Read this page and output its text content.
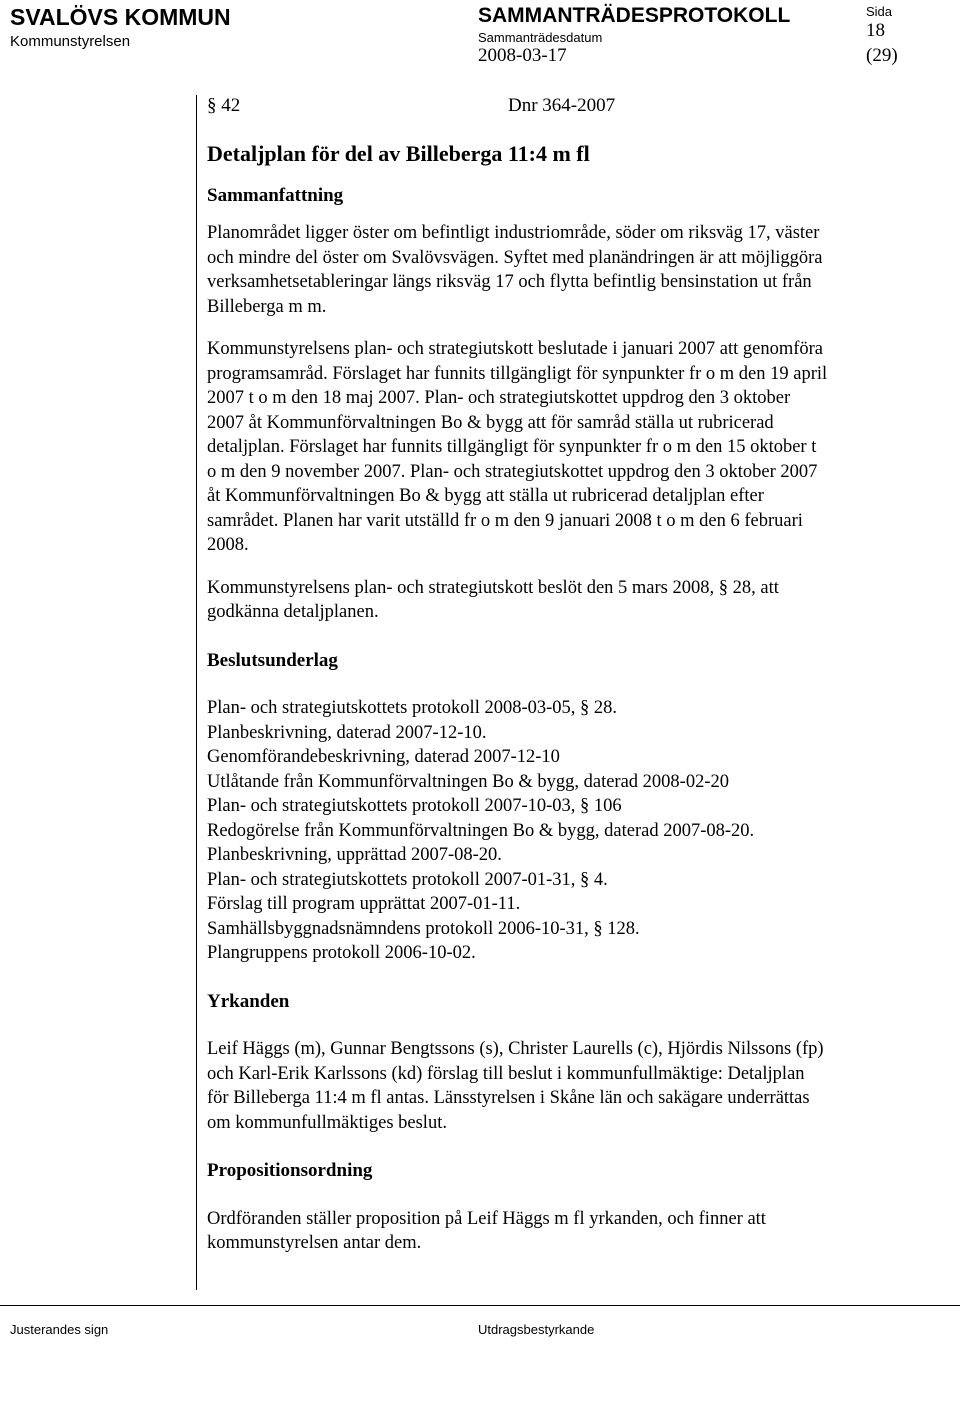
SVALÖVS KOMMUN
Kommunstyrelsen
SAMMANTRÄDESPROTOKOLL
Sammanträdesdatum
2008-03-17
Sida
18
(29)
§ 42	Dnr 364-2007
Detaljplan för del av Billeberga 11:4 m fl
Sammanfattning
Planområdet ligger öster om befintligt industriområde, söder om riksväg 17, väster
och mindre del öster om Svalövsvägen. Syftet med planändringen är att möjliggöra
verksamhetsetableringar längs riksväg 17 och flytta befintlig bensinstation ut från
Billeberga m m.
Kommunstyrelsens plan- och strategiutskott beslutade i januari 2007 att genomföra
programsamråd. Förslaget har funnits tillgängligt för synpunkter fr o m den 19 april
2007 t o m den 18 maj 2007. Plan- och strategiutskottet uppdrog den 3 oktober
2007 åt Kommunförvaltningen Bo & bygg att för samråd ställa ut rubricerad
detaljplan. Förslaget har funnits tillgängligt för synpunkter fr o m den 15 oktober t
o m den 9 november 2007. Plan- och strategiutskottet uppdrog den 3 oktober 2007
åt Kommunförvaltningen Bo & bygg att ställa ut rubricerad detaljplan efter
samrådet. Planen har varit utställd fr o m den 9 januari 2008 t o m den 6 februari
2008.
Kommunstyrelsens plan- och strategiutskott beslöt den 5 mars 2008, § 28, att
godkänna detaljplanen.
Beslutsunderlag
Plan- och strategiutskottets protokoll 2008-03-05, § 28.
Planbeskrivning, daterad 2007-12-10.
Genomförandebeskrivning, daterad 2007-12-10
Utlåtande från Kommunförvaltningen Bo & bygg, daterad 2008-02-20
Plan- och strategiutskottets protokoll 2007-10-03, § 106
Redogörelse från Kommunförvaltningen Bo & bygg, daterad 2007-08-20.
Planbeskrivning, upprättad 2007-08-20.
Plan- och strategiutskottets protokoll 2007-01-31, § 4.
Förslag till program upprättat 2007-01-11.
Samhällsbyggnadsnämndens protokoll 2006-10-31, § 128.
Plangruppens protokoll 2006-10-02.
Yrkanden
Leif Häggs (m), Gunnar Bengtssons (s), Christer Laurells (c), Hjördis Nilssons (fp)
och Karl-Erik Karlssons (kd) förslag till beslut i kommunfullmäktige: Detaljplan
för Billeberga 11:4 m fl antas. Länsstyrelsen i Skåne län och sakägare underrättas
om kommunfullmäktiges beslut.
Propositionsordning
Ordföranden ställer proposition på Leif Häggs m fl yrkanden, och finner att
kommunstyrelsen antar dem.
Justerandes sign	Utdragsbestyrkande
